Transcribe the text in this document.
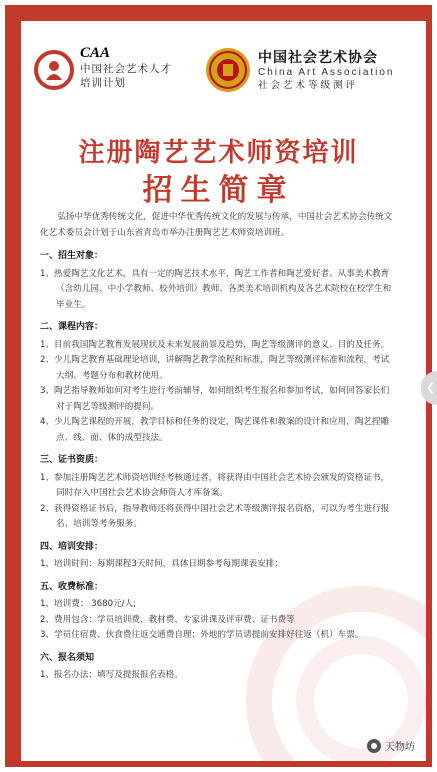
CAA
中国社会艺术人才
培训计划
中国社会艺术协会
China Art Association
社会艺术等级测评
注册陶艺艺术师资培训
招生简章

弘扬中华优秀传统文化，促进中华优秀传统文化的发展与传承，中国社会艺术协会传统文化艺术委员会计划于山东省青岛市举办注册陶艺艺术师资培训班。

一、招生对象：

1、热爱陶艺文化艺术，具有一定的陶艺技术水平，陶艺工作者和陶艺爱好者、从事美术教育（含幼儿园、中小学教师、校外培训）教师、各类美术培训机构及各艺术院校在校学生和毕业生。

二、课程内容：

1、目前我国陶艺教育发展现状及未来发展前景及趋势，陶艺等级测评的意义、目的及任务。

2、少儿陶艺教育基础理论培训，讲解陶艺教学流程和标准，陶艺等级测评标准和流程，考试大纲、考题分布和教材使用。

3、陶艺指导教师如何对考生进行考前辅导，如何组织考生报名和参加考试，如何回答家长们对于陶艺等级测评的提问。

4、少儿陶艺课程的开展，教学目标和任务的设定，陶艺课件和教案的设计和应用，陶艺捏雕点、线、面、体的成型技法。

三、证书资质：

1、参加注册陶艺艺术师资培训经考核通过者，将获得由中国社会艺术协会颁发的资格证书，同时存入中国社会艺术协会师资人才库备案。

2、获得资格证书后，指导教师还将获得中国社会艺术等级测评报名资格，可以为考生进行报名、培训等考务服务。

四、培训安排：

1、培训时间：每期课程3天时间，具体日期参考每期课表安排；

五、收费标准：

1、培训费： 3680元/人;

2、费用包含：学员培训费、教材费、专家讲课及评审费、证书费等

3、学员住宿费、伙食费往返交通费自理；外地的学员请提前安排好往返（机）车票。

六、报名须知

1、报名办法：填写及提报报名表格。

❮
天物坊
